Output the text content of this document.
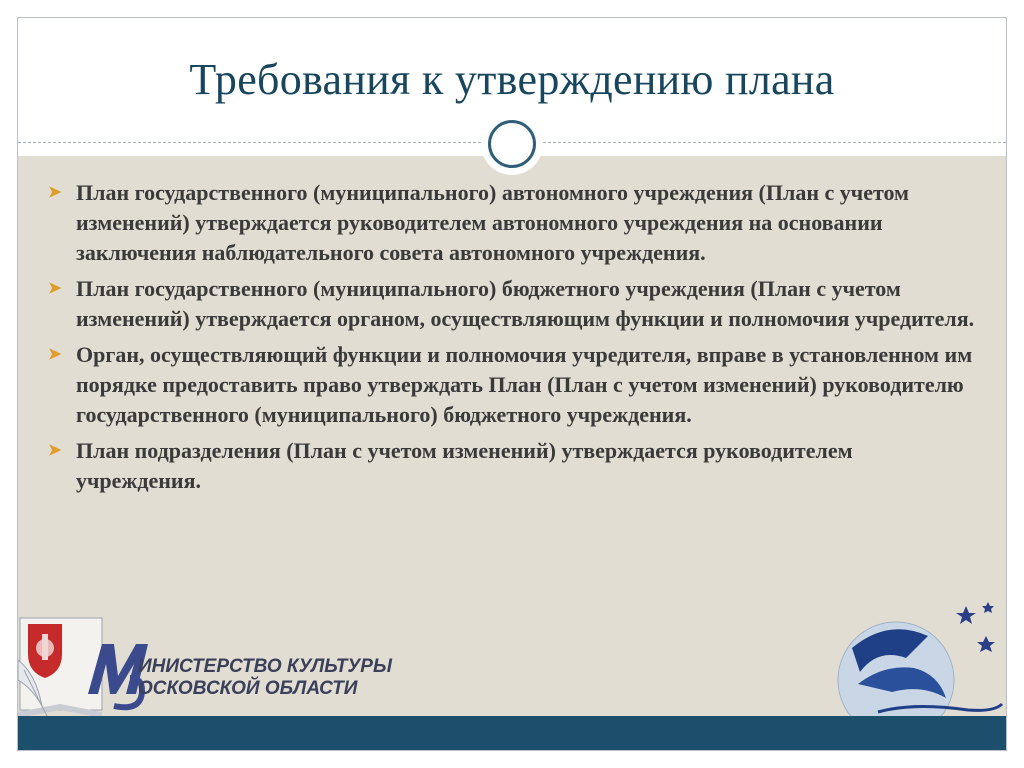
Требования к утверждению плана
➤ План государственного (муниципального) автономного учреждения (План с учетом изменений) утверждается руководителем автономного учреждения на основании заключения наблюдательного совета автономного учреждения.
➤ План государственного (муниципального) бюджетного учреждения (План с учетом изменений) утверждается органом, осуществляющим функции и полномочия учредителя.
➤ Орган, осуществляющий функции и полномочия учредителя, вправе в установленном им порядке предоставить право утверждать План (План с учетом изменений) руководителю государственного (муниципального) бюджетного учреждения.
➤ План подразделения (План с учетом изменений) утверждается руководителем учреждения.
ИНИСТЕРСТВО КУЛЬТУРЫ
ОСКОВСКОЙ ОБЛАСТИ
